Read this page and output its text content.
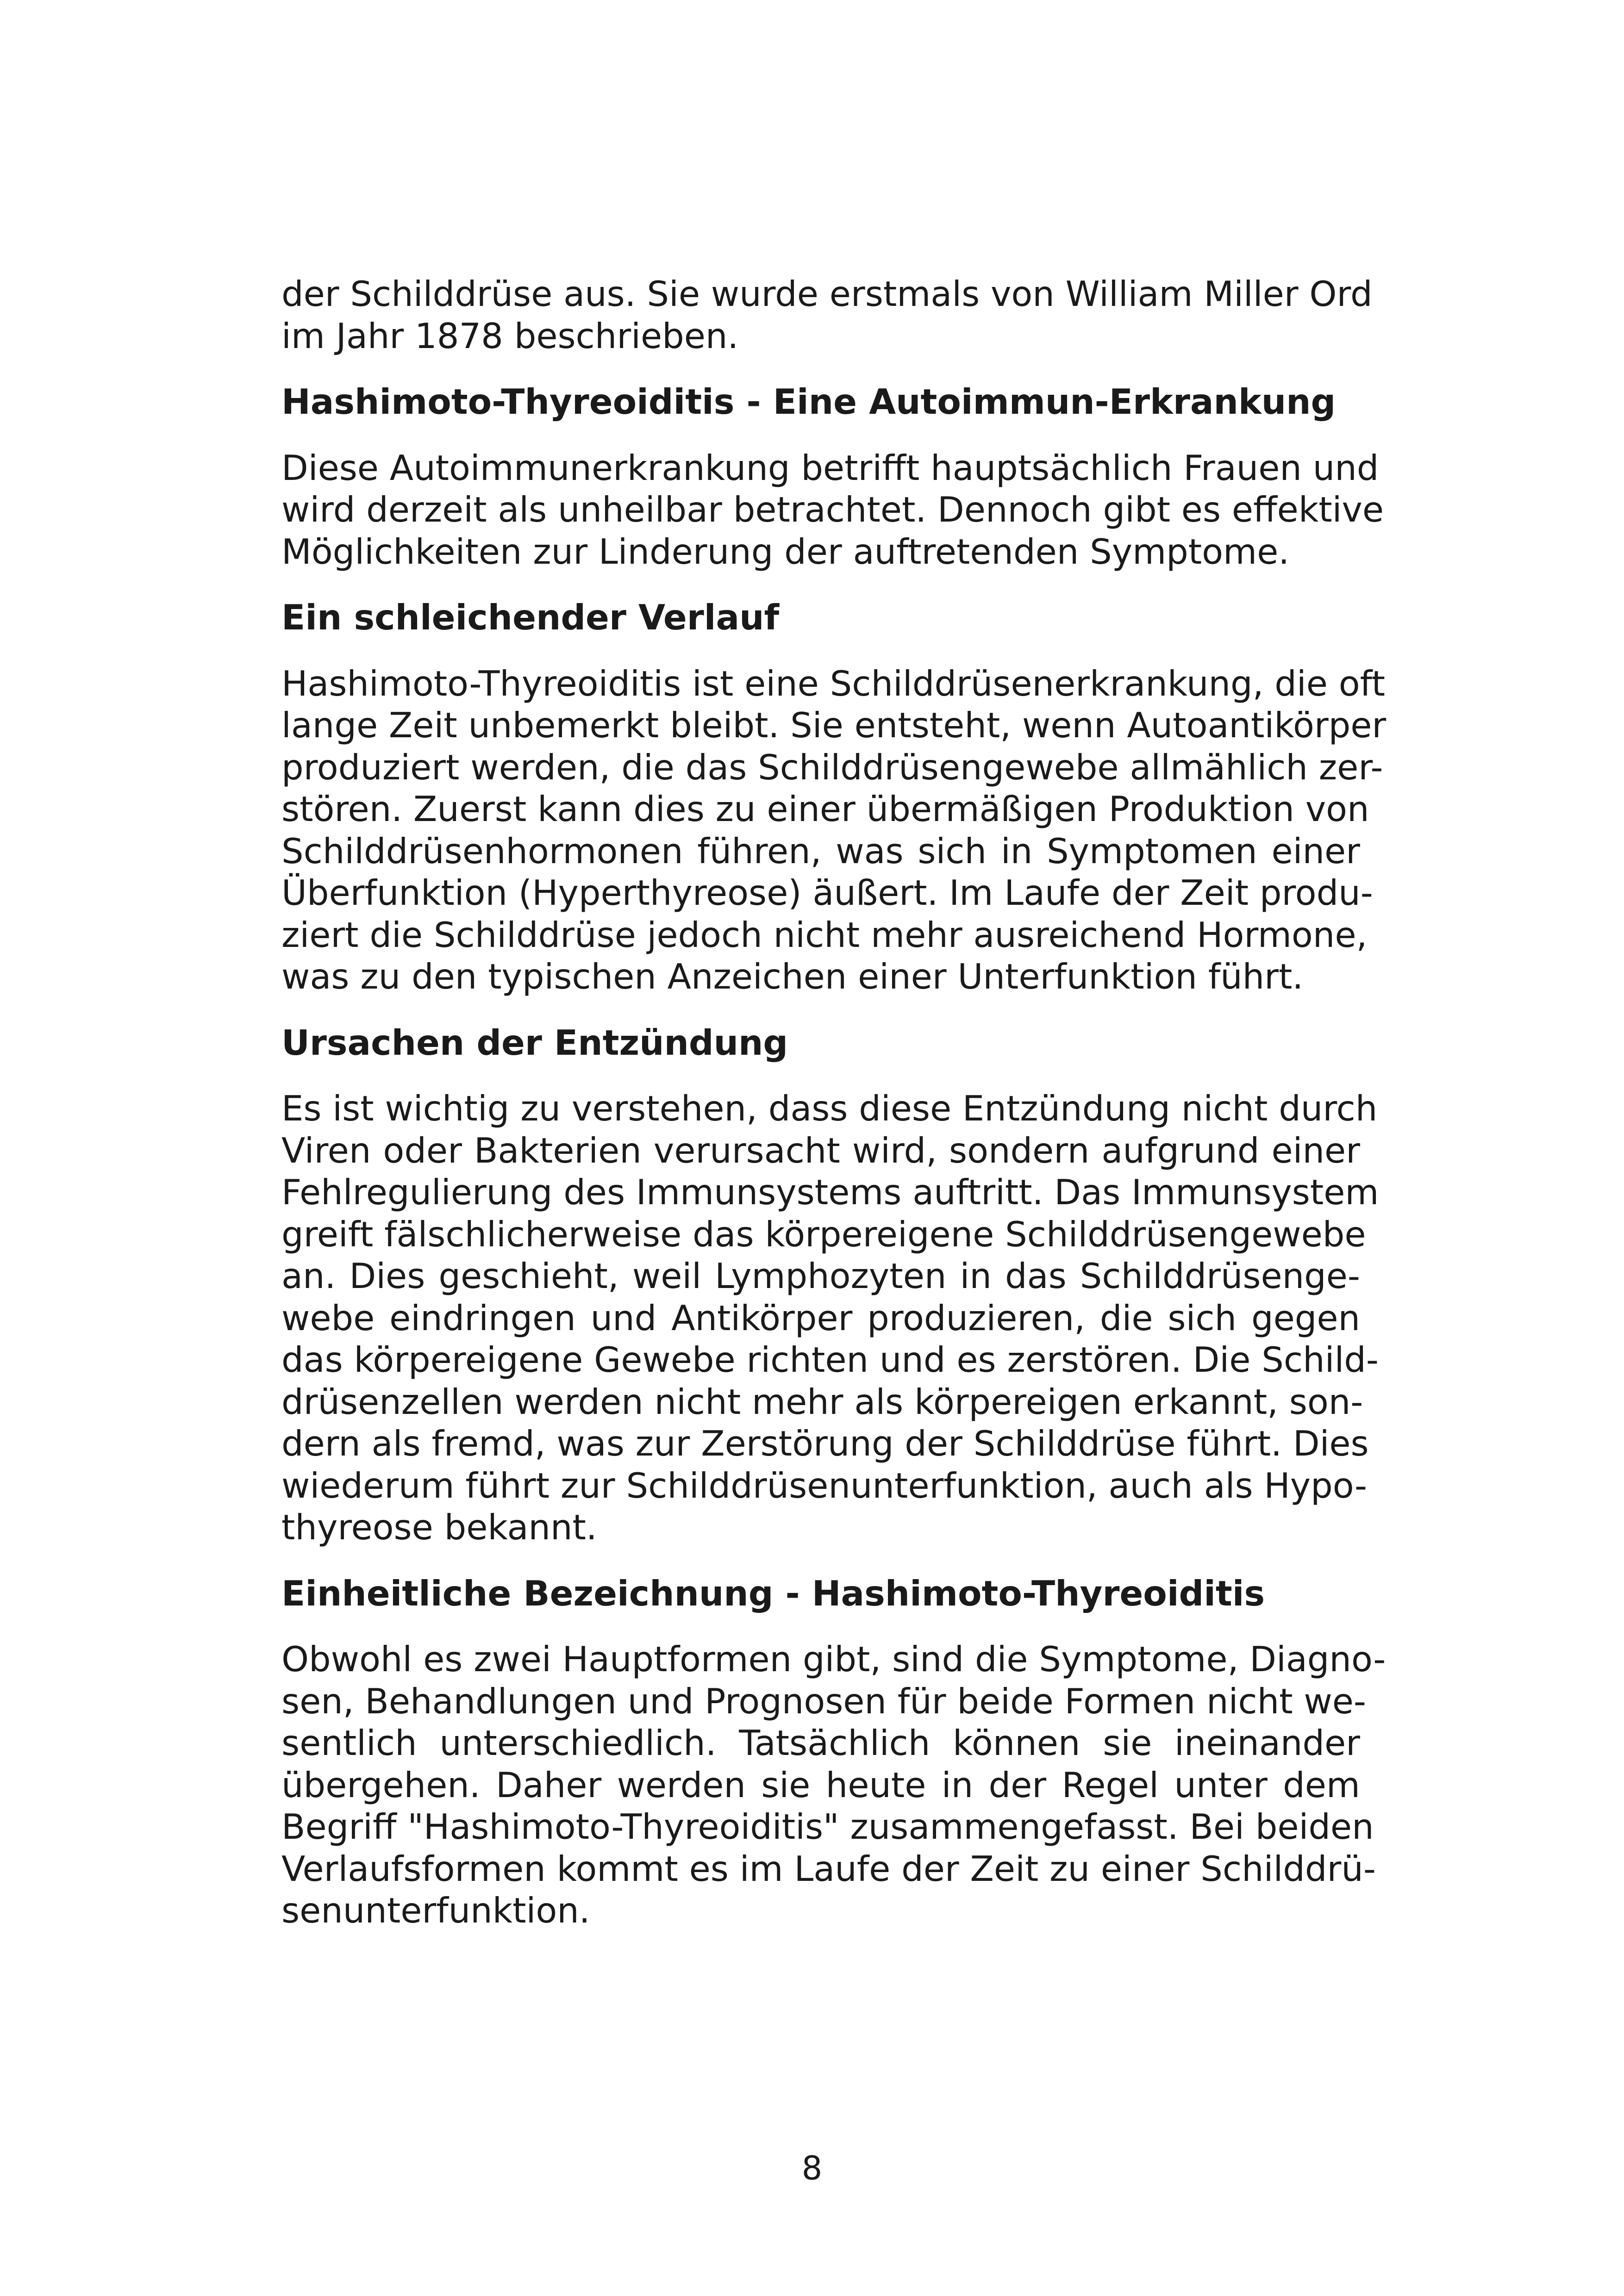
der Schilddrüse aus. Sie wurde erstmals von William Miller Ord
im Jahr 1878 beschrieben.

Hashimoto-Thyreoiditis - Eine Autoimmun-Erkrankung

Diese Autoimmunerkrankung betrifft hauptsächlich Frauen und
wird derzeit als unheilbar betrachtet. Dennoch gibt es effektive
Möglichkeiten zur Linderung der auftretenden Symptome.

Ein schleichender Verlauf

Hashimoto-Thyreoiditis ist eine Schilddrüsenerkrankung, die oft
lange Zeit unbemerkt bleibt. Sie entsteht, wenn Autoantikörper
produziert werden, die das Schilddrüsengewebe allmählich zer-
stören. Zuerst kann dies zu einer übermäßigen Produktion von
Schilddrüsenhormonen führen, was sich in Symptomen einer
Überfunktion (Hyperthyreose) äußert. Im Laufe der Zeit produ-
ziert die Schilddrüse jedoch nicht mehr ausreichend Hormone,
was zu den typischen Anzeichen einer Unterfunktion führt.

Ursachen der Entzündung

Es ist wichtig zu verstehen, dass diese Entzündung nicht durch
Viren oder Bakterien verursacht wird, sondern aufgrund einer
Fehlregulierung des Immunsystems auftritt. Das Immunsystem
greift fälschlicherweise das körpereigene Schilddrüsengewebe
an. Dies geschieht, weil Lymphozyten in das Schilddrüsenge-
webe eindringen und Antikörper produzieren, die sich gegen
das körpereigene Gewebe richten und es zerstören. Die Schild-
drüsenzellen werden nicht mehr als körpereigen erkannt, son-
dern als fremd, was zur Zerstörung der Schilddrüse führt. Dies
wiederum führt zur Schilddrüsenunterfunktion, auch als Hypo-
thyreose bekannt.

Einheitliche Bezeichnung - Hashimoto-Thyreoiditis

Obwohl es zwei Hauptformen gibt, sind die Symptome, Diagno-
sen, Behandlungen und Prognosen für beide Formen nicht we-
sentlich unterschiedlich. Tatsächlich können sie ineinander
übergehen. Daher werden sie heute in der Regel unter dem
Begriff "Hashimoto-Thyreoiditis" zusammengefasst. Bei beiden
Verlaufsformen kommt es im Laufe der Zeit zu einer Schilddrü-
senunterfunktion.

8
